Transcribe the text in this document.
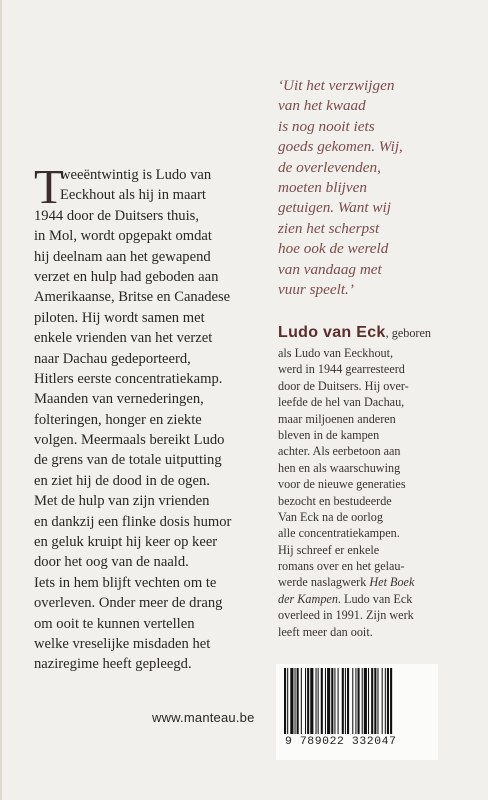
‘Uit het verzwijgen
van het kwaad
is nog nooit iets
goeds gekomen. Wij,
de overlevenden,
moeten blijven
getuigen. Want wij
zien het scherpst
hoe ook de wereld
van vandaag met
vuur speelt.’
T
weeëntwintig is Ludo van
Eeckhout als hij in maart
1944 door de Duitsers thuis,
in Mol, wordt opgepakt omdat
hij deelnam aan het gewapend
verzet en hulp had geboden aan
Amerikaanse, Britse en Canadese
piloten. Hij wordt samen met
enkele vrienden van het verzet
naar Dachau gedeporteerd,
Hitlers eerste concentratiekamp.
Maanden van vernederingen,
folteringen, honger en ziekte
volgen. Meermaals bereikt Ludo
de grens van de totale uitputting
en ziet hij de dood in de ogen.
Met de hulp van zijn vrienden
en dankzij een flinke dosis humor
en geluk kruipt hij keer op keer
door het oog van de naald.
Iets in hem blijft vechten om te
overleven. Onder meer de drang
om ooit te kunnen vertellen
welke vreselijke misdaden het
naziregime heeft gepleegd.
Ludo van Eck, geboren
als Ludo van Eeckhout,
werd in 1944 gearresteerd
door de Duitsers. Hij over-
leefde de hel van Dachau,
maar miljoenen anderen
bleven in de kampen
achter. Als eerbetoon aan
hen en als waarschuwing
voor de nieuwe generaties
bezocht en bestudeerde
Van Eck na de oorlog
alle concentratiekampen.
Hij schreef er enkele
romans over en het gelau-
werde naslagwerk Het Boek
der Kampen. Ludo van Eck
overleed in 1991. Zijn werk
leeft meer dan ooit.
www.manteau.be
9 789022 332047
